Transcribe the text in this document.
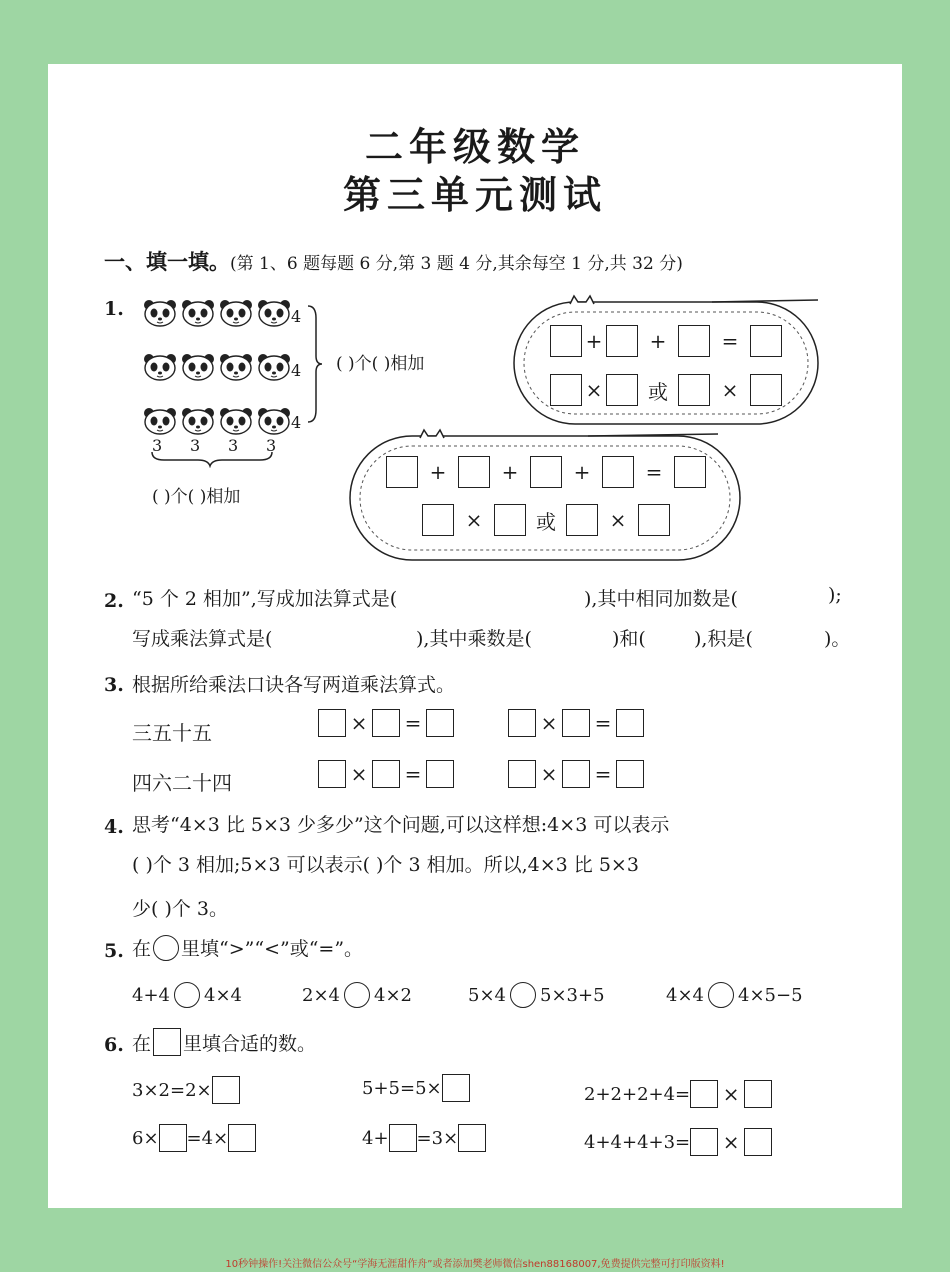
二年级数学
第三单元测试
一、填一填。(第 1、6 题每题 6 分,第 3 题 4 分,其余每空 1 分,共 32 分)
1.	4
4
4
3 3 3 3
( )个( )相加
( )个( )相加
+	+	=
×	或	×
+	+	+	=
×	或	×
2. “5 个 2 相加”,写成加法算式是(	),其中相同加数是(	);
写成乘法算式是(	),其中乘数是(	)和(	),积是(	)。
3. 根据所给乘法口诀各写两道乘法算式。
三五十五
四六二十四
× =	× =
× =	× =
4. 思考“4×3 比 5×3 少多少”这个问题,可以这样想:4×3 可以表示
( )个 3 相加;5×3 可以表示( )个 3 相加。所以,4×3 比 5×3
少( )个 3。
5. 在 里填“>”“<”或“=”。
4+4 4×4	2×4 4×2	5×4 5×3+5	4×4 4×5−5
6. 在 里填合适的数。
3×2=2×	5+5=5×	2+2+2+4= ×
6× =4×	4+ =3×	4+4+4+3= ×
10秒钟操作!关注微信公众号“学海无涯甜作舟”或者添加樊老师微信shen88168007,免费提供完整可打印版资料!
